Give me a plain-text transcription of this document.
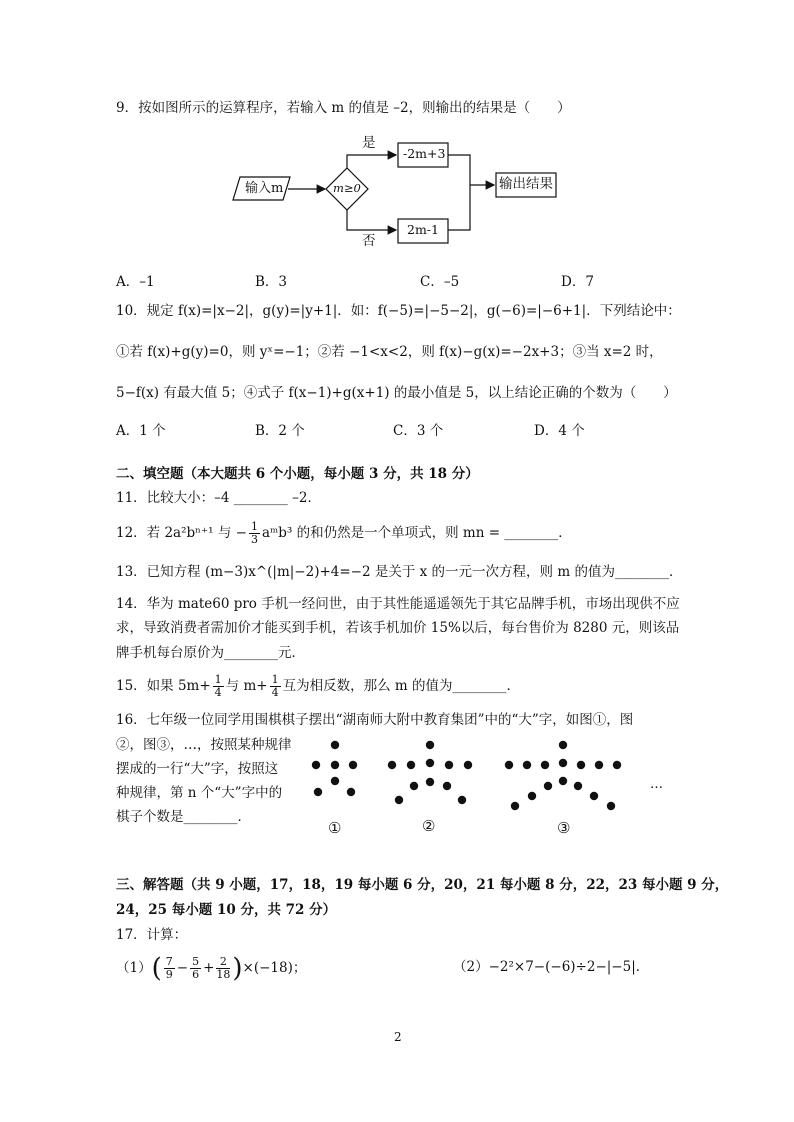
9．按如图所示的运算程序，若输入 m 的值是 –2，则输出的结果是（　　）
输入m	m≥0
是
否
-2m+3
2m-1
输出结果
A．–1	B．3	C．–5	D．7
10．规定 f(x)=|x−2|，g(y)=|y+1|．如：f(−5)=|−5−2|，g(−6)=|−6+1|．下列结论中：
①若 f(x)+g(y)=0，则 yˣ=−1；②若 −1<x<2，则 f(x)−g(x)=−2x+3；③当 x=2 时，
5−f(x) 有最大值 5；④式子 f(x−1)+g(x+1) 的最小值是 5，以上结论正确的个数为（　　）
A．1 个	B．2 个	C．3 个	D．4 个
二、填空题（本大题共 6 个小题，每小题 3 分，共 18 分）
11．比较大小：–4 ________ –2．
12．若 2a²bⁿ⁺¹ 与 − $\frac{1}{3}$ aᵐb³ 的和仍然是一个单项式，则 mn = ________．
13．已知方程 (m−3)x^(|m|−2)+4=−2 是关于 x 的一元一次方程，则 m 的值为________．
14．华为 mate60 pro 手机一经问世，由于其性能遥遥领先于其它品牌手机，市场出现供不应
求，导致消费者需加价才能买到手机，若该手机加价 15%以后，每台售价为 8280 元，则该品
牌手机每台原价为________元．
15．如果 $5m+ \frac{1}{4}$ 与 $m+ \frac{1}{4}$ 互为相反数，那么 m 的值为________．
16．七年级一位同学用围棋棋子摆出“湖南师大附中教育集团”中的“大”字，如图①，图
②，图③，…，按照某种规律
摆成的一行“大”字，按照这
种规律，第 n 个“大”字中的
棋子个数是________．
…
①	②	③
三、解答题（共 9 小题，17，18，19 每小题 6 分，20，21 每小题 8 分，22，23 每小题 9 分，
24，25 每小题 10 分，共 72 分）
17．计算：
$(1)( \frac{7}{9} - \frac{5}{6} + \frac{2}{18} )\times(-18)$；	（2）−2²×7−(−6)÷2−|−5|．
2
